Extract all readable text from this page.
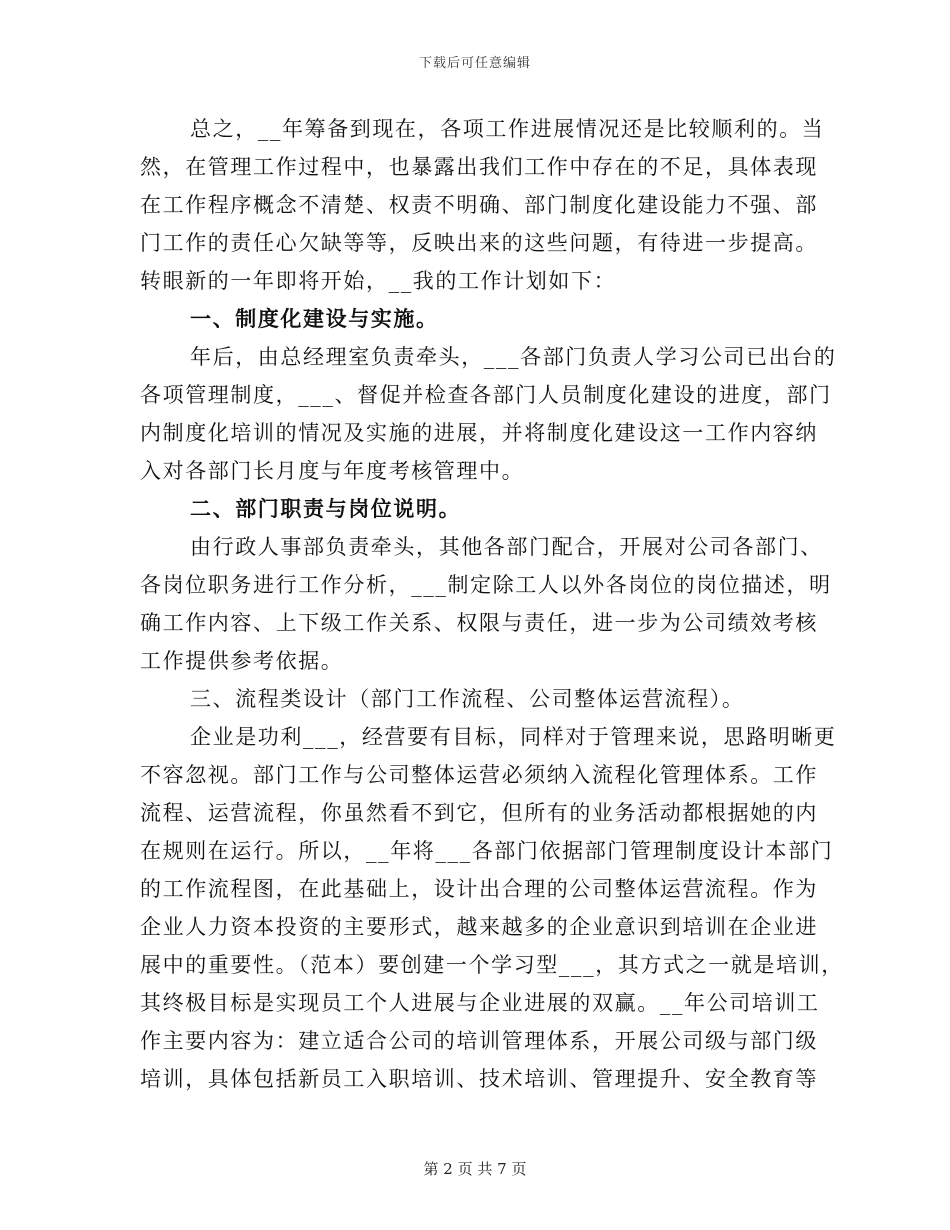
下载后可任意编辑
总之，__年筹备到现在，各项工作进展情况还是比较顺利的。当
然，在管理工作过程中，也暴露出我们工作中存在的不足，具体表现
在工作程序概念不清楚、权责不明确、部门制度化建设能力不强、部
门工作的责任心欠缺等等，反映出来的这些问题，有待进一步提高。
转眼新的一年即将开始，__我的工作计划如下：
一、制度化建设与实施。
年后，由总经理室负责牵头，___各部门负责人学习公司已出台的
各项管理制度，___、督促并检查各部门人员制度化建设的进度，部门
内制度化培训的情况及实施的进展，并将制度化建设这一工作内容纳
入对各部门长月度与年度考核管理中。
二、部门职责与岗位说明。
由行政人事部负责牵头，其他各部门配合，开展对公司各部门、
各岗位职务进行工作分析，___制定除工人以外各岗位的岗位描述，明
确工作内容、上下级工作关系、权限与责任，进一步为公司绩效考核
工作提供参考依据。
三、流程类设计（部门工作流程、公司整体运营流程）。
企业是功利___，经营要有目标，同样对于管理来说，思路明晰更
不容忽视。部门工作与公司整体运营必须纳入流程化管理体系。工作
流程、运营流程，你虽然看不到它，但所有的业务活动都根据她的内
在规则在运行。所以，__年将___各部门依据部门管理制度设计本部门
的工作流程图，在此基础上，设计出合理的公司整体运营流程。作为
企业人力资本投资的主要形式，越来越多的企业意识到培训在企业进
展中的重要性。（范本）要创建一个学习型___，其方式之一就是培训，
其终极目标是实现员工个人进展与企业进展的双赢。__年公司培训工
作主要内容为：建立适合公司的培训管理体系，开展公司级与部门级
培训，具体包括新员工入职培训、技术培训、管理提升、安全教育等
第 2 页 共 7 页
